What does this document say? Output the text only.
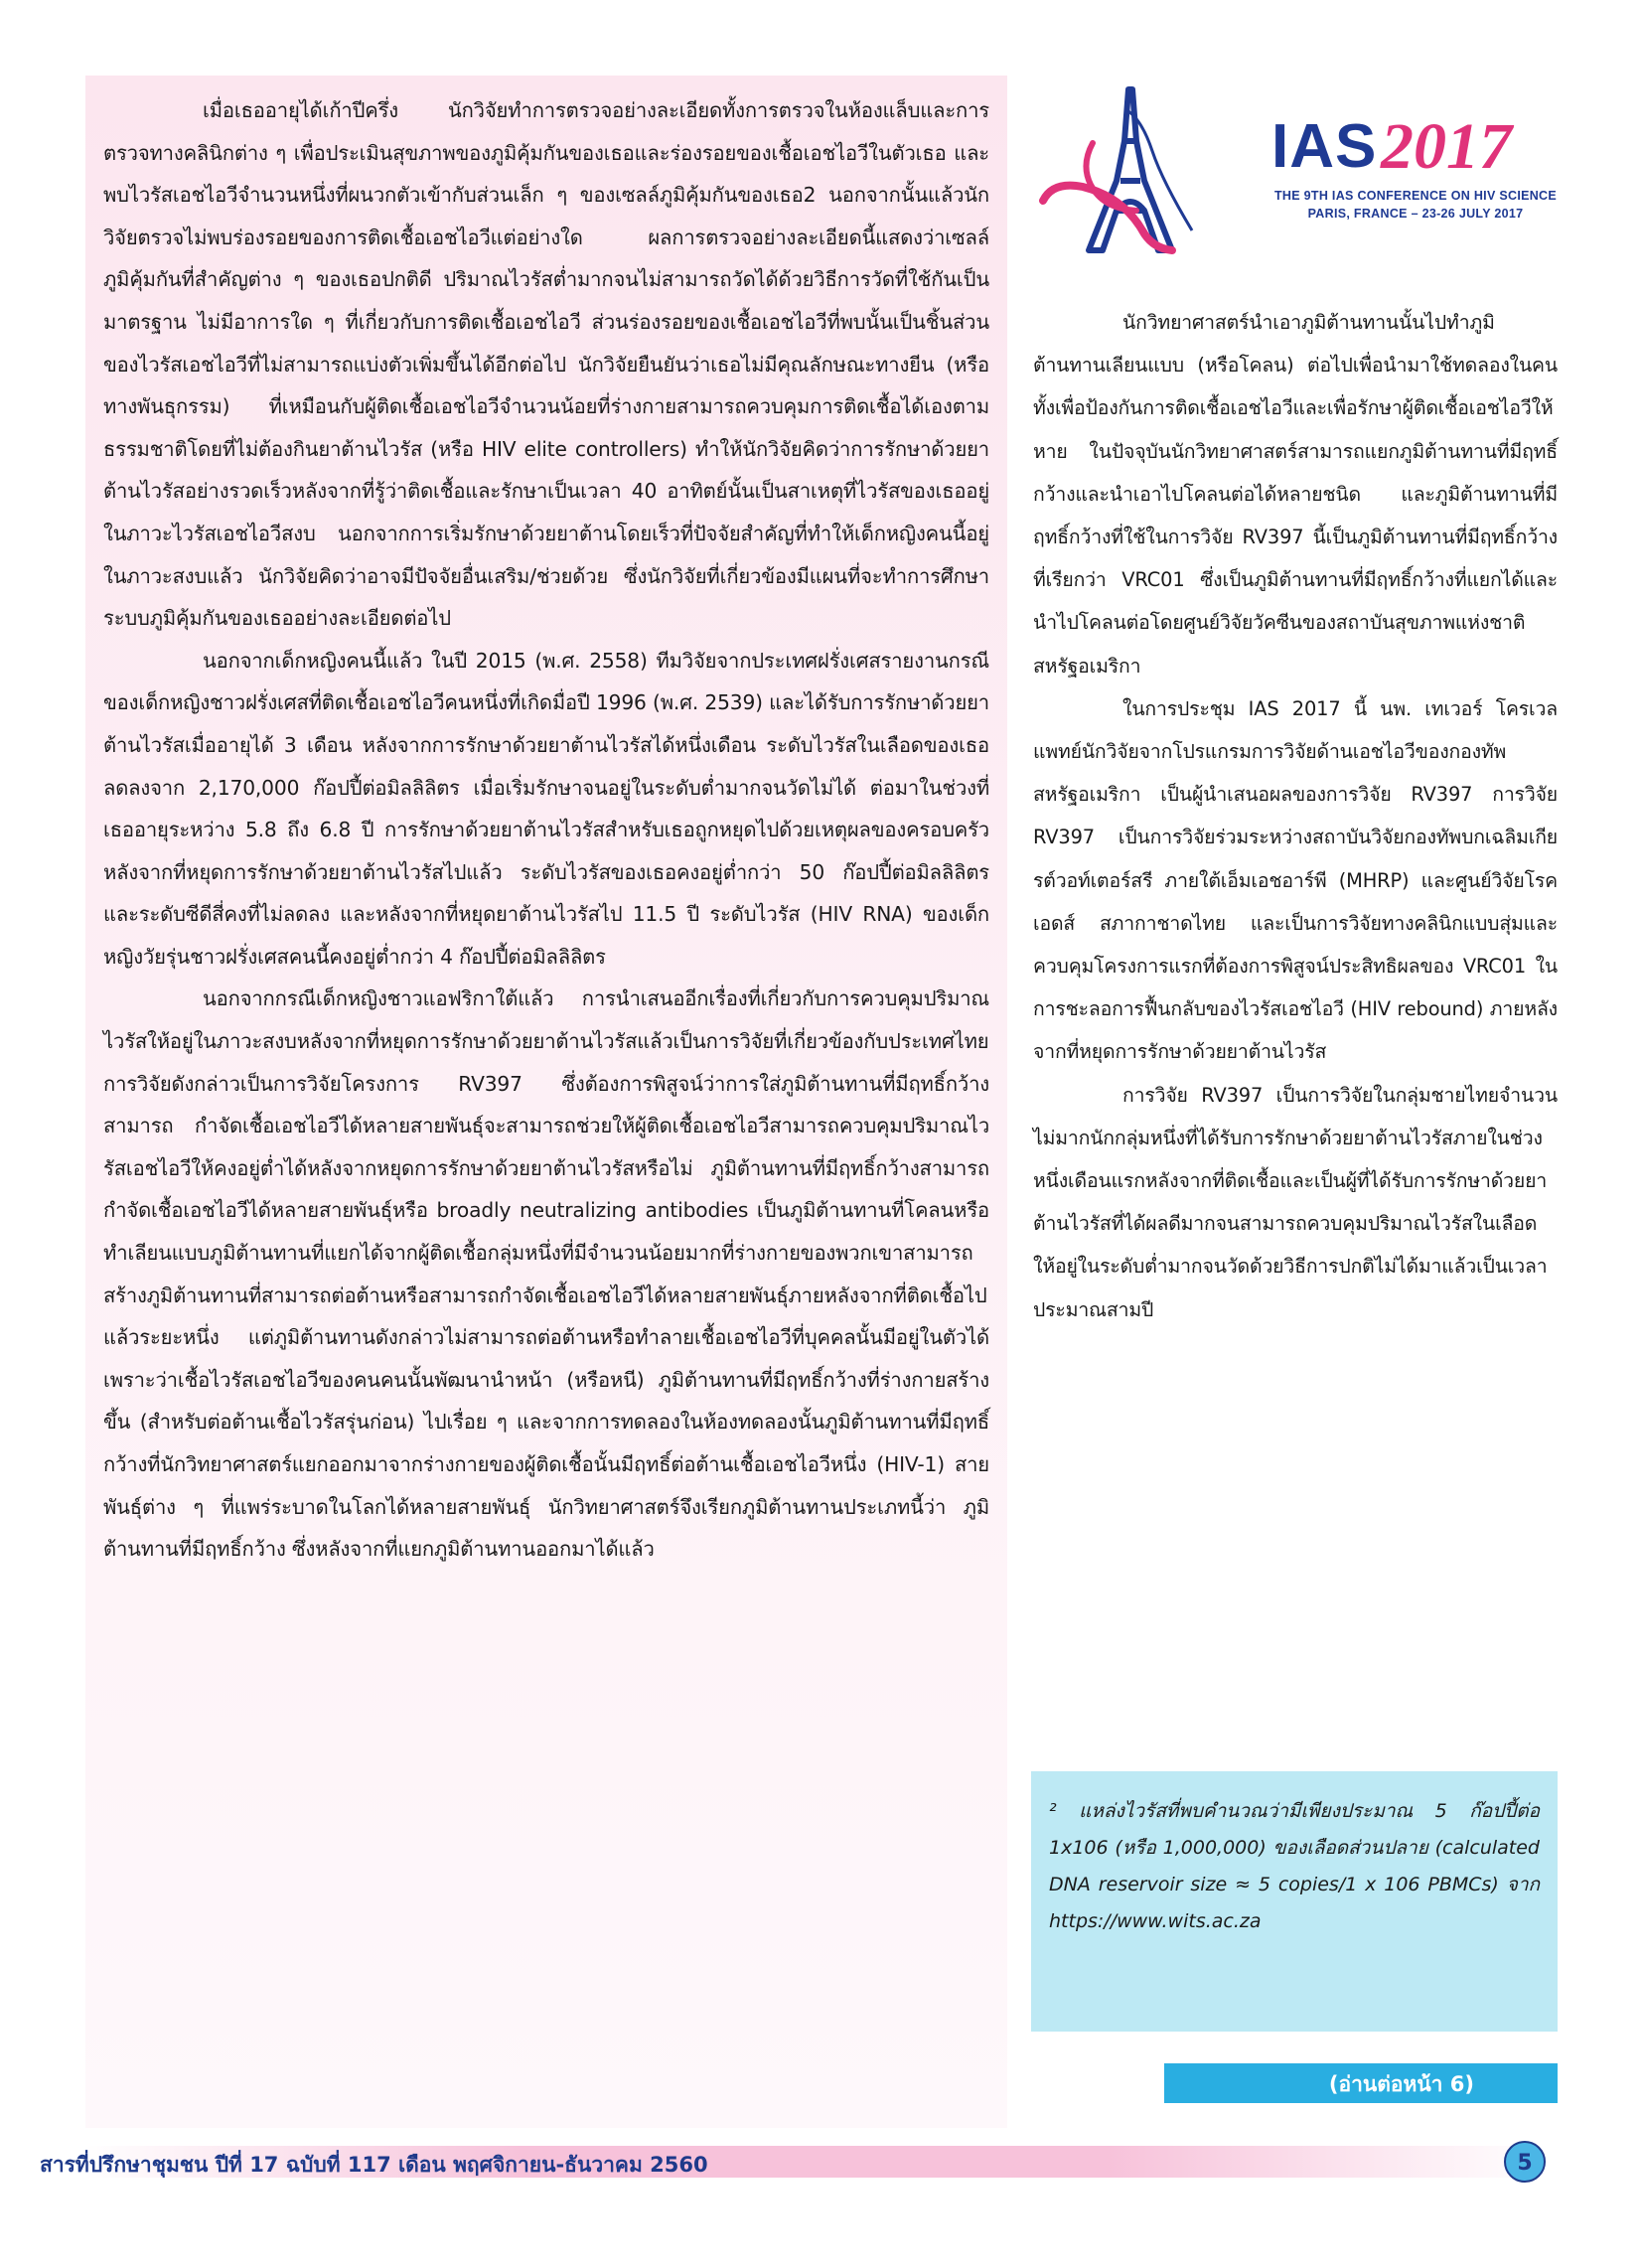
เมื่อเธออายุได้เก้าปีครึ่ง นักวิจัยทำการตรวจอย่างละเอียดทั้งการตรวจในห้องแล็บและการตรวจทางคลินิกต่าง ๆ เพื่อประเมินสุขภาพของภูมิคุ้มกันของเธอและร่องรอยของเชื้อเอชไอวีในตัวเธอ และพบไวรัสเอชไอวีจำนวนหนึ่งที่ผนวกตัวเข้ากับส่วนเล็ก ๆ ของเซลล์ภูมิคุ้มกันของเธอ2 นอกจากนั้นแล้วนักวิจัยตรวจไม่พบร่องรอยของการติดเชื้อเอชไอวีแต่อย่างใด ผลการตรวจอย่างละเอียดนี้แสดงว่าเซลล์ภูมิคุ้มกันที่สำคัญต่าง ๆ ของเธอปกติดี ปริมาณไวรัสต่ำมากจนไม่สามารถวัดได้ด้วยวิธีการวัดที่ใช้กันเป็นมาตรฐาน ไม่มีอาการใด ๆ ที่เกี่ยวกับการติดเชื้อเอชไอวี ส่วนร่องรอยของเชื้อเอชไอวีที่พบนั้นเป็นชิ้นส่วนของไวรัสเอชไอวีที่ไม่สามารถแบ่งตัวเพิ่มขึ้นได้อีกต่อไป นักวิจัยยืนยันว่าเธอไม่มีคุณลักษณะทางยีน (หรือทางพันธุกรรม) ที่เหมือนกับผู้ติดเชื้อเอชไอวีจำนวนน้อยที่ร่างกายสามารถควบคุมการติดเชื้อได้เองตามธรรมชาติโดยที่ไม่ต้องกินยาต้านไวรัส (หรือ HIV elite controllers) ทำให้นักวิจัยคิดว่าการรักษาด้วยยาต้านไวรัสอย่างรวดเร็วหลังจากที่รู้ว่าติดเชื้อและรักษาเป็นเวลา 40 อาทิตย์นั้นเป็นสาเหตุที่ไวรัสของเธออยู่ในภาวะไวรัสเอชไอวีสงบ นอกจากการเริ่มรักษาด้วยยาต้านโดยเร็วที่ปัจจัยสำคัญที่ทำให้เด็กหญิงคนนี้อยู่ในภาวะสงบแล้ว นักวิจัยคิดว่าอาจมีปัจจัยอื่นเสริม/ช่วยด้วย ซึ่งนักวิจัยที่เกี่ยวข้องมีแผนที่จะทำการศึกษาระบบภูมิคุ้มกันของเธออย่างละเอียดต่อไป

นอกจากเด็กหญิงคนนี้แล้ว ในปี 2015 (พ.ศ. 2558) ทีมวิจัยจากประเทศฝรั่งเศสรายงานกรณีของเด็กหญิงชาวฝรั่งเศสที่ติดเชื้อเอชไอวีคนหนึ่งที่เกิดมื่อปี 1996 (พ.ศ. 2539) และได้รับการรักษาด้วยยาต้านไวรัสเมื่ออายุได้ 3 เดือน หลังจากการรักษาด้วยยาต้านไวรัสได้หนึ่งเดือน ระดับไวรัสในเลือดของเธอลดลงจาก 2,170,000 ก๊อปปี้ต่อมิลลิลิตร เมื่อเริ่มรักษาจนอยู่ในระดับต่ำมากจนวัดไม่ได้ ต่อมาในช่วงที่เธออายุระหว่าง 5.8 ถึง 6.8 ปี การรักษาด้วยยาต้านไวรัสสำหรับเธอถูกหยุดไปด้วยเหตุผลของครอบครัว หลังจากที่หยุดการรักษาด้วยยาต้านไวรัสไปแล้ว ระดับไวรัสของเธอคงอยู่ต่ำกว่า 50 ก๊อปปี้ต่อมิลลิลิตร และระดับซีดีสี่คงที่ไม่ลดลง และหลังจากที่หยุดยาต้านไวรัสไป 11.5 ปี ระดับไวรัส (HIV RNA) ของเด็กหญิงวัยรุ่นชาวฝรั่งเศสคนนี้คงอยู่ต่ำกว่า 4 ก๊อปปี้ต่อมิลลิลิตร

นอกจากกรณีเด็กหญิงชาวแอฟริกาใต้แล้ว การนำเสนออีกเรื่องที่เกี่ยวกับการควบคุมปริมาณไวรัสให้อยู่ในภาวะสงบหลังจากที่หยุดการรักษาด้วยยาต้านไวรัสแล้วเป็นการวิจัยที่เกี่ยวข้องกับประเทศไทย การวิจัยดังกล่าวเป็นการวิจัยโครงการ RV397 ซึ่งต้องการพิสูจน์ว่าการใส่ภูมิต้านทานที่มีฤทธิ์กว้างสามารถ กำจัดเชื้อเอชไอวีได้หลายสายพันธุ์จะสามารถช่วยให้ผู้ติดเชื้อเอชไอวีสามารถควบคุมปริมาณไวรัสเอชไอวีให้คงอยู่ต่ำได้หลังจากหยุดการรักษาด้วยยาต้านไวรัสหรือไม่ ภูมิต้านทานที่มีฤทธิ์กว้างสามารถกำจัดเชื้อเอชไอวีได้หลายสายพันธุ์หรือ broadly neutralizing antibodies เป็นภูมิต้านทานที่โคลนหรือทำเลียนแบบภูมิต้านทานที่แยกได้จากผู้ติดเชื้อกลุ่มหนึ่งที่มีจำนวนน้อยมากที่ร่างกายของพวกเขาสามารถสร้างภูมิต้านทานที่สามารถต่อต้านหรือสามารถกำจัดเชื้อเอชไอวีได้หลายสายพันธุ์ภายหลังจากที่ติดเชื้อไปแล้วระยะหนึ่ง แต่ภูมิต้านทานดังกล่าวไม่สามารถต่อต้านหรือทำลายเชื้อเอชไอวีที่บุคคลนั้นมีอยู่ในตัวได้เพราะว่าเชื้อไวรัสเอชไอวีของคนคนนั้นพัฒนานำหน้า (หรือหนี) ภูมิต้านทานที่มีฤทธิ์กว้างที่ร่างกายสร้างขึ้น (สำหรับต่อต้านเชื้อไวรัสรุ่นก่อน) ไปเรื่อย ๆ และจากการทดลองในห้องทดลองนั้นภูมิต้านทานที่มีฤทธิ์กว้างที่นักวิทยาศาสตร์แยกออกมาจากร่างกายของผู้ติดเชื้อนั้นมีฤทธิ์ต่อต้านเชื้อเอชไอวีหนึ่ง (HIV-1) สายพันธุ์ต่าง ๆ ที่แพร่ระบาดในโลกได้หลายสายพันธุ์ นักวิทยาศาสตร์จึงเรียกภูมิต้านทานประเภทนี้ว่า ภูมิต้านทานที่มีฤทธิ์กว้าง ซึ่งหลังจากที่แยกภูมิต้านทานออกมาได้แล้ว

IAS 2017
THE 9TH IAS CONFERENCE ON HIV SCIENCE
PARIS, FRANCE – 23-26 JULY 2017

นักวิทยาศาสตร์นำเอาภูมิต้านทานนั้นไปทำภูมิต้านทานเลียนแบบ (หรือโคลน) ต่อไปเพื่อนำมาใช้ทดลองในคนทั้งเพื่อป้องกันการติดเชื้อเอชไอวีและเพื่อรักษาผู้ติดเชื้อเอชไอวีให้หาย ในปัจจุบันนักวิทยาศาสตร์สามารถแยกภูมิต้านทานที่มีฤทธิ์กว้างและนำเอาไปโคลนต่อได้หลายชนิด และภูมิต้านทานที่มีฤทธิ์กว้างที่ใช้ในการวิจัย RV397 นี้เป็นภูมิต้านทานที่มีฤทธิ์กว้างที่เรียกว่า VRC01 ซึ่งเป็นภูมิต้านทานที่มีฤทธิ์กว้างที่แยกได้และนำไปโคลนต่อโดยศูนย์วิจัยวัคซีนของสถาบันสุขภาพแห่งชาติ สหรัฐอเมริกา

ในการประชุม IAS 2017 นี้ นพ. เทเวอร์ โครเวล แพทย์นักวิจัยจากโปรแกรมการวิจัยด้านเอชไอวีของกองทัพสหรัฐอเมริกา เป็นผู้นำเสนอผลของการวิจัย RV397 การวิจัย RV397 เป็นการวิจัยร่วมระหว่างสถาบันวิจัยกองทัพบกเฉลิมเกียรต์วอท์เตอร์สรี ภายใต้เอ็มเอชอาร์พี (MHRP) และศูนย์วิจัยโรคเอดส์ สภากาชาดไทย และเป็นการวิจัยทางคลินิกแบบสุ่มและควบคุมโครงการแรกที่ต้องการพิสูจน์ประสิทธิผลของ VRC01 ในการชะลอการฟื้นกลับของไวรัสเอชไอวี (HIV rebound) ภายหลังจากที่หยุดการรักษาด้วยยาต้านไวรัส

การวิจัย RV397 เป็นการวิจัยในกลุ่มชายไทยจำนวนไม่มากนักกลุ่มหนึ่งที่ได้รับการรักษาด้วยยาต้านไวรัสภายในช่วงหนึ่งเดือนแรกหลังจากที่ติดเชื้อและเป็นผู้ที่ได้รับการรักษาด้วยยาต้านไวรัสที่ได้ผลดีมากจนสามารถควบคุมปริมาณไวรัสในเลือดให้อยู่ในระดับต่ำมากจนวัดด้วยวิธีการปกติไม่ได้มาแล้วเป็นเวลาประมาณสามปี

² แหล่งไวรัสที่พบคำนวณว่ามีเพียงประมาณ 5 ก๊อปปี้ต่อ 1x106 (หรือ 1,000,000) ของเลือดส่วนปลาย (calculated DNA reservoir size ≈ 5 copies/1 x 106 PBMCs) จาก https://www.wits.ac.za

(อ่านต่อหน้า 6)
สารที่ปรึกษาชุมชน ปีที่ 17 ฉบับที่ 117 เดือน พฤศจิกายน-ธันวาคม 2560	5
